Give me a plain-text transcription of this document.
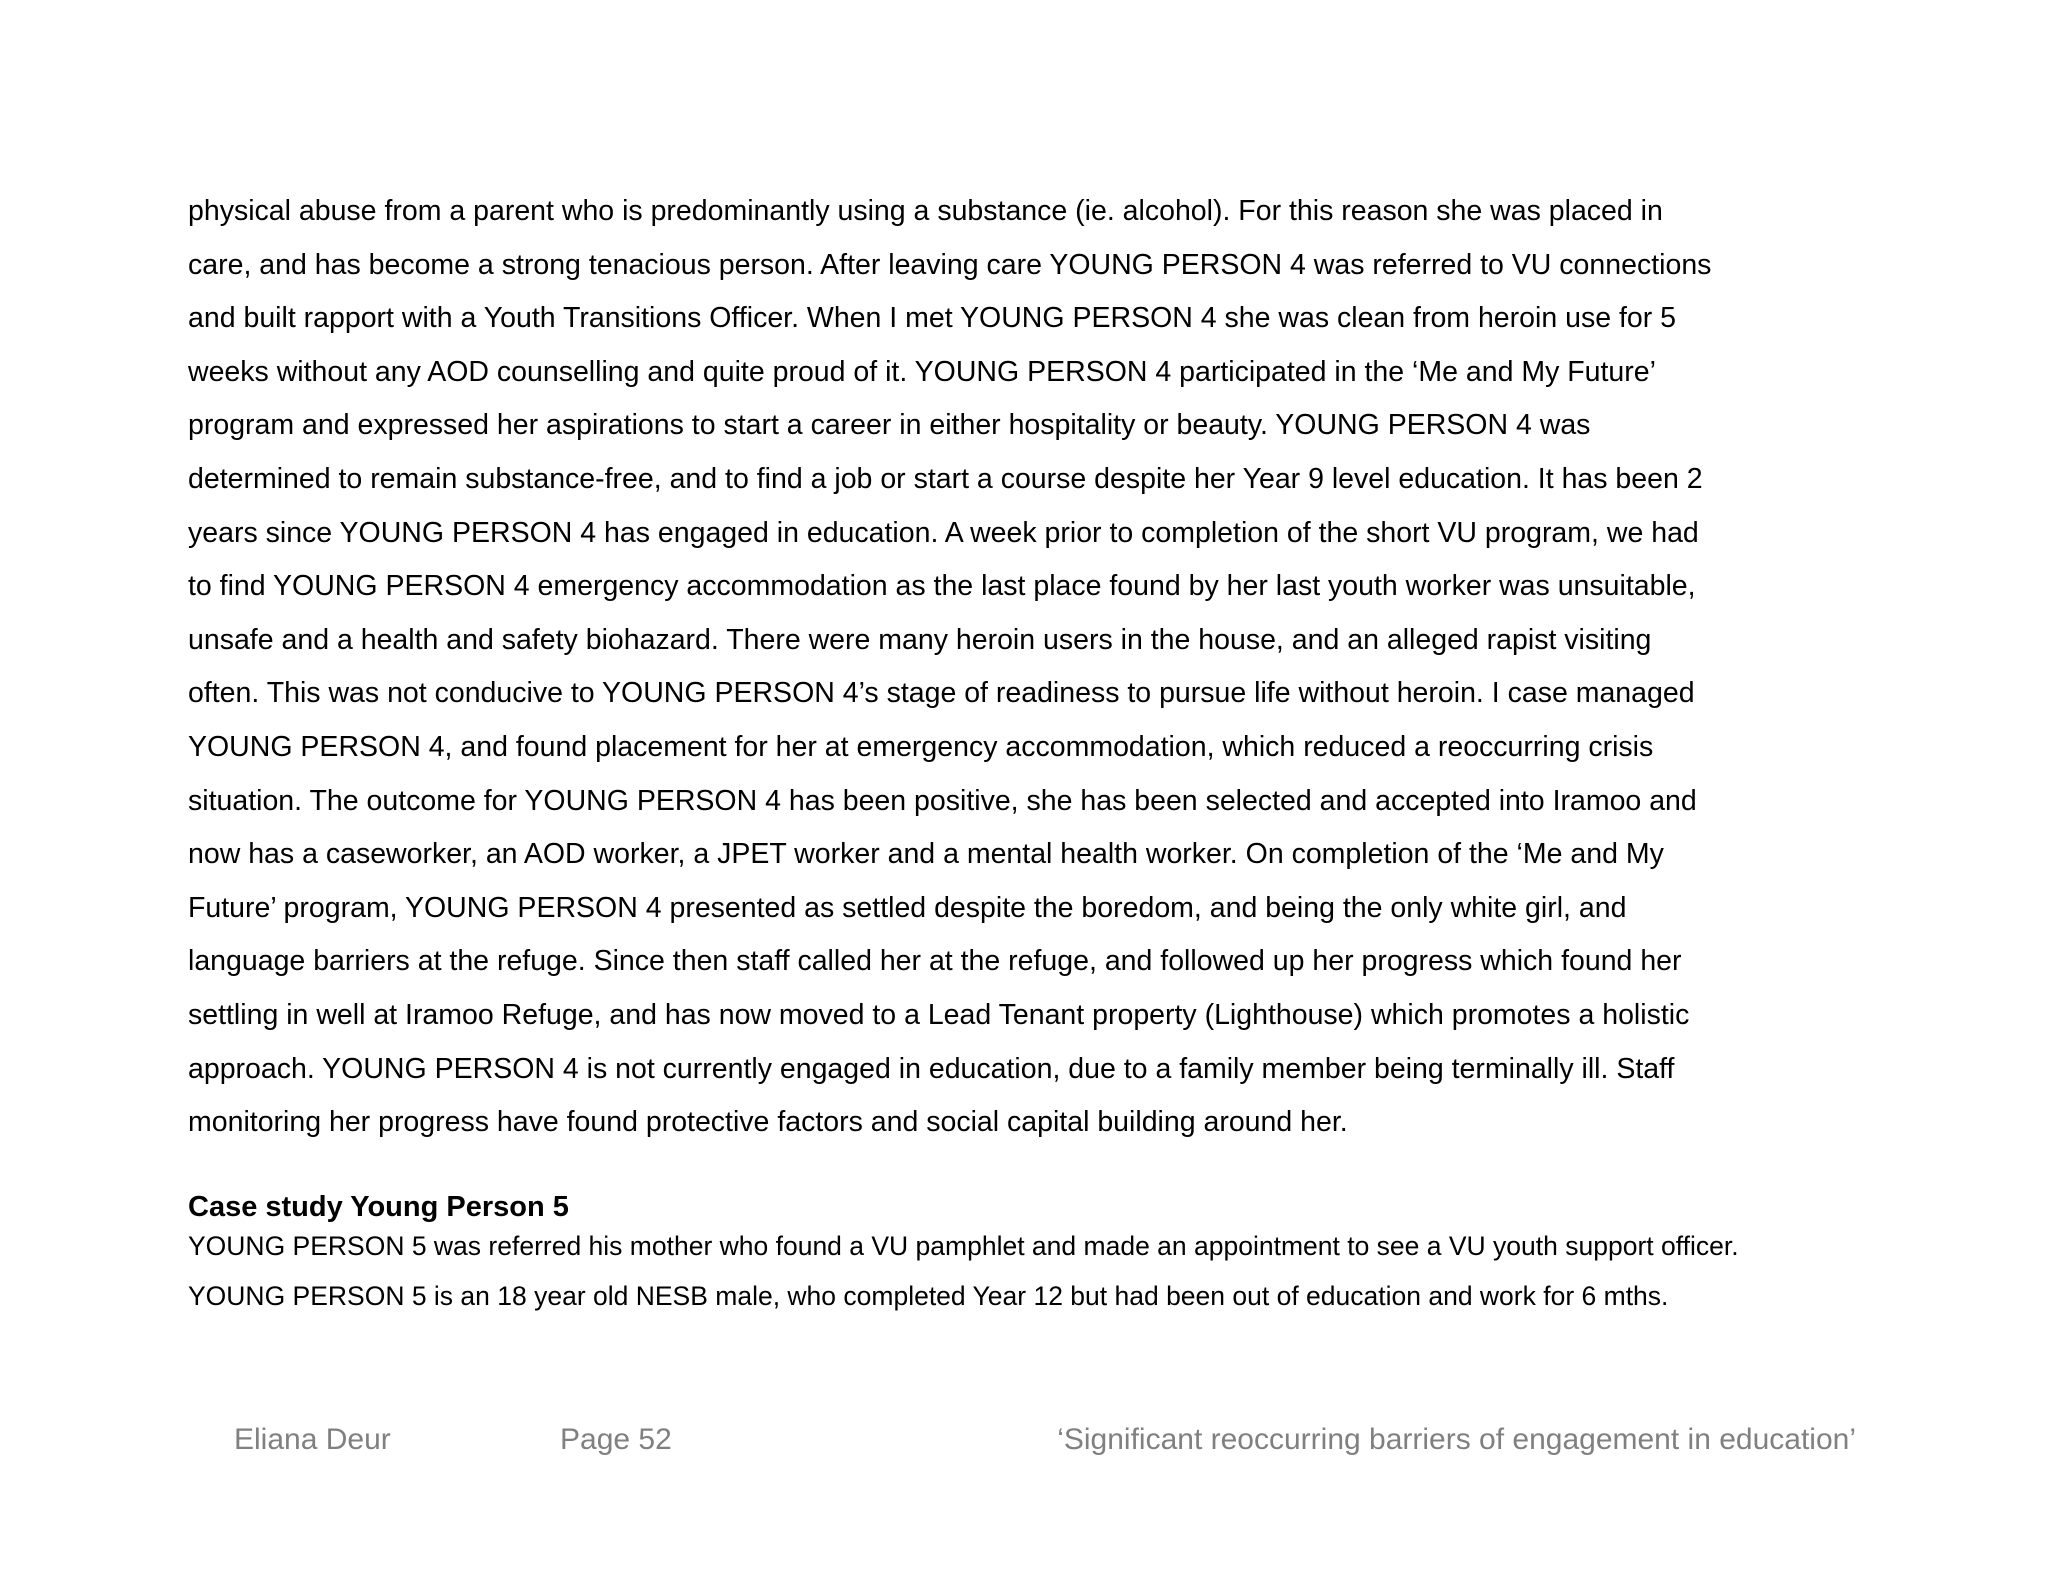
physical abuse from a parent who is predominantly using a substance (ie. alcohol). For this reason she was placed in
care, and has become a strong tenacious person. After leaving care YOUNG PERSON 4 was referred to VU connections
and built rapport with a Youth Transitions Officer. When I met YOUNG PERSON 4 she was clean from heroin use for 5
weeks without any AOD counselling and quite proud of it. YOUNG PERSON 4 participated in the ‘Me and My Future’
program and expressed her aspirations to start a career in either hospitality or beauty. YOUNG PERSON 4 was
determined to remain substance-free, and to find a job or start a course despite her Year 9 level education. It has been 2
years since YOUNG PERSON 4 has engaged in education. A week prior to completion of the short VU program, we had
to find YOUNG PERSON 4 emergency accommodation as the last place found by her last youth worker was unsuitable,
unsafe and a health and safety biohazard. There were many heroin users in the house, and an alleged rapist visiting
often. This was not conducive to YOUNG PERSON 4’s stage of readiness to pursue life without heroin. I case managed
YOUNG PERSON 4, and found placement for her at emergency accommodation, which reduced a reoccurring crisis
situation. The outcome for YOUNG PERSON 4 has been positive, she has been selected and accepted into Iramoo and
now has a caseworker, an AOD worker, a JPET worker and a mental health worker. On completion of the ‘Me and My
Future’ program, YOUNG PERSON 4 presented as settled despite the boredom, and being the only white girl, and
language barriers at the refuge. Since then staff called her at the refuge, and followed up her progress which found her
settling in well at Iramoo Refuge, and has now moved to a Lead Tenant property (Lighthouse) which promotes a holistic
approach. YOUNG PERSON 4 is not currently engaged in education, due to a family member being terminally ill. Staff
monitoring her progress have found protective factors and social capital building around her.
Case study Young Person 5
YOUNG PERSON 5 was referred his mother who found a VU pamphlet and made an appointment to see a VU youth support officer.
YOUNG PERSON 5 is an 18 year old NESB male, who completed Year 12 but had been out of education and work for 6 mths.
Eliana Deur	Page 52	‘Significant reoccurring barriers of engagement in education’
